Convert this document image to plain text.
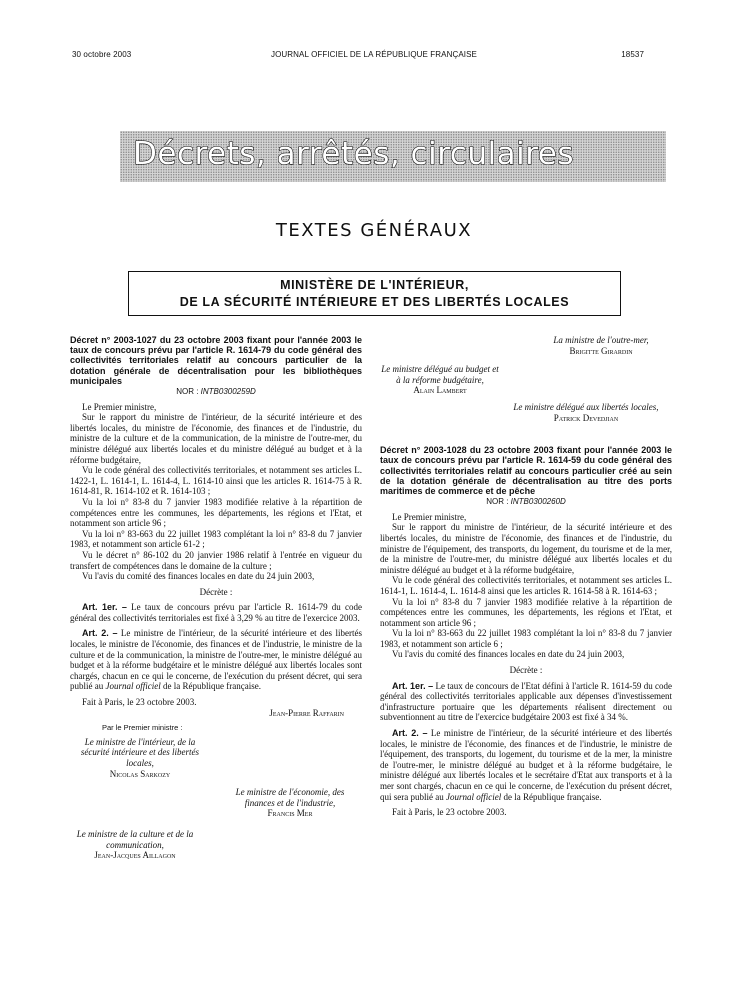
30 octobre 2003	JOURNAL OFFICIEL DE LA RÉPUBLIQUE FRANÇAISE	18537
Décrets, arrêtés, circulaires
TEXTES GÉNÉRAUX
MINISTÈRE DE L'INTÉRIEUR,
DE LA SÉCURITÉ INTÉRIEURE ET DES LIBERTÉS LOCALES
Décret n° 2003-1027 du 23 octobre 2003 fixant pour l'année 2003 le taux de concours prévu par l'article R. 1614-79 du code général des collectivités territoriales relatif au concours particulier de la dotation générale de décentralisation pour les bibliothèques municipales
NOR : INTB0300259D

Le Premier ministre,

Sur le rapport du ministre de l'intérieur, de la sécurité intérieure et des libertés locales, du ministre de l'économie, des finances et de l'industrie, du ministre de la culture et de la communication, de la ministre de l'outre-mer, du ministre délégué aux libertés locales et du ministre délégué au budget et à la réforme budgétaire,

Vu le code général des collectivités territoriales, et notamment ses articles L. 1422-1, L. 1614-1, L. 1614-4, L. 1614-10 ainsi que les articles R. 1614-75 à R. 1614-81, R. 1614-102 et R. 1614-103 ;

Vu la loi n° 83-8 du 7 janvier 1983 modifiée relative à la répartition de compétences entre les communes, les départements, les régions et l'Etat, et notamment son article 96 ;

Vu la loi n° 83-663 du 22 juillet 1983 complétant la loi n° 83-8 du 7 janvier 1983, et notamment son article 61-2 ;

Vu le décret n° 86-102 du 20 janvier 1986 relatif à l'entrée en vigueur du transfert de compétences dans le domaine de la culture ;

Vu l'avis du comité des finances locales en date du 24 juin 2003,

Décrète :

Art. 1er. – Le taux de concours prévu par l'article R. 1614-79 du code général des collectivités territoriales est fixé à 3,29 % au titre de l'exercice 2003.

Art. 2. – Le ministre de l'intérieur, de la sécurité intérieure et des libertés locales, le ministre de l'économie, des finances et de l'industrie, le ministre de la culture et de la communication, la ministre de l'outre-mer, le ministre délégué au budget et à la réforme budgétaire et le ministre délégué aux libertés locales sont chargés, chacun en ce qui le concerne, de l'exécution du présent décret, qui sera publié au Journal officiel de la République française.

Fait à Paris, le 23 octobre 2003.

Jean-Pierre Raffarin

Par le Premier ministre :

Le ministre de l'intérieur, de la sécurité intérieure et des libertés locales,
Nicolas Sarkozy
Le ministre de l'économie, des finances et de l'industrie,
Francis Mer
Le ministre de la culture et de la communication,
Jean-Jacques Aillagon
La ministre de l'outre-mer,
Brigitte Girardin
Le ministre délégué au budget et à la réforme budgétaire,
Alain Lambert
Le ministre délégué aux libertés locales,
Patrick Devedjian
Décret n° 2003-1028 du 23 octobre 2003 fixant pour l'année 2003 le taux de concours prévu par l'article R. 1614-59 du code général des collectivités territoriales relatif au concours particulier créé au sein de la dotation générale de décentralisation au titre des ports maritimes de commerce et de pêche
NOR : INTB0300260D

Le Premier ministre,

Sur le rapport du ministre de l'intérieur, de la sécurité intérieure et des libertés locales, du ministre de l'économie, des finances et de l'industrie, du ministre de l'équipement, des transports, du logement, du tourisme et de la mer, de la ministre de l'outre-mer, du ministre délégué aux libertés locales et du ministre délégué au budget et à la réforme budgétaire,

Vu le code général des collectivités territoriales, et notamment ses articles L. 1614-1, L. 1614-4, L. 1614-8 ainsi que les articles R. 1614-58 à R. 1614-63 ;

Vu la loi n° 83-8 du 7 janvier 1983 modifiée relative à la répartition de compétences entre les communes, les départements, les régions et l'Etat, et notamment son article 96 ;

Vu la loi n° 83-663 du 22 juillet 1983 complétant la loi n° 83-8 du 7 janvier 1983, et notamment son article 6 ;

Vu l'avis du comité des finances locales en date du 24 juin 2003,

Décrète :

Art. 1er. – Le taux de concours de l'Etat défini à l'article R. 1614-59 du code général des collectivités territoriales applicable aux dépenses d'investissement d'infrastructure portuaire que les départements réalisent directement ou subventionnent au titre de l'exercice budgétaire 2003 est fixé à 34 %.

Art. 2. – Le ministre de l'intérieur, de la sécurité intérieure et des libertés locales, le ministre de l'économie, des finances et de l'industrie, le ministre de l'équipement, des transports, du logement, du tourisme et de la mer, la ministre de l'outre-mer, le ministre délégué au budget et à la réforme budgétaire, le ministre délégué aux libertés locales et le secrétaire d'Etat aux transports et à la mer sont chargés, chacun en ce qui le concerne, de l'exécution du présent décret, qui sera publié au Journal officiel de la République française.

Fait à Paris, le 23 octobre 2003.
